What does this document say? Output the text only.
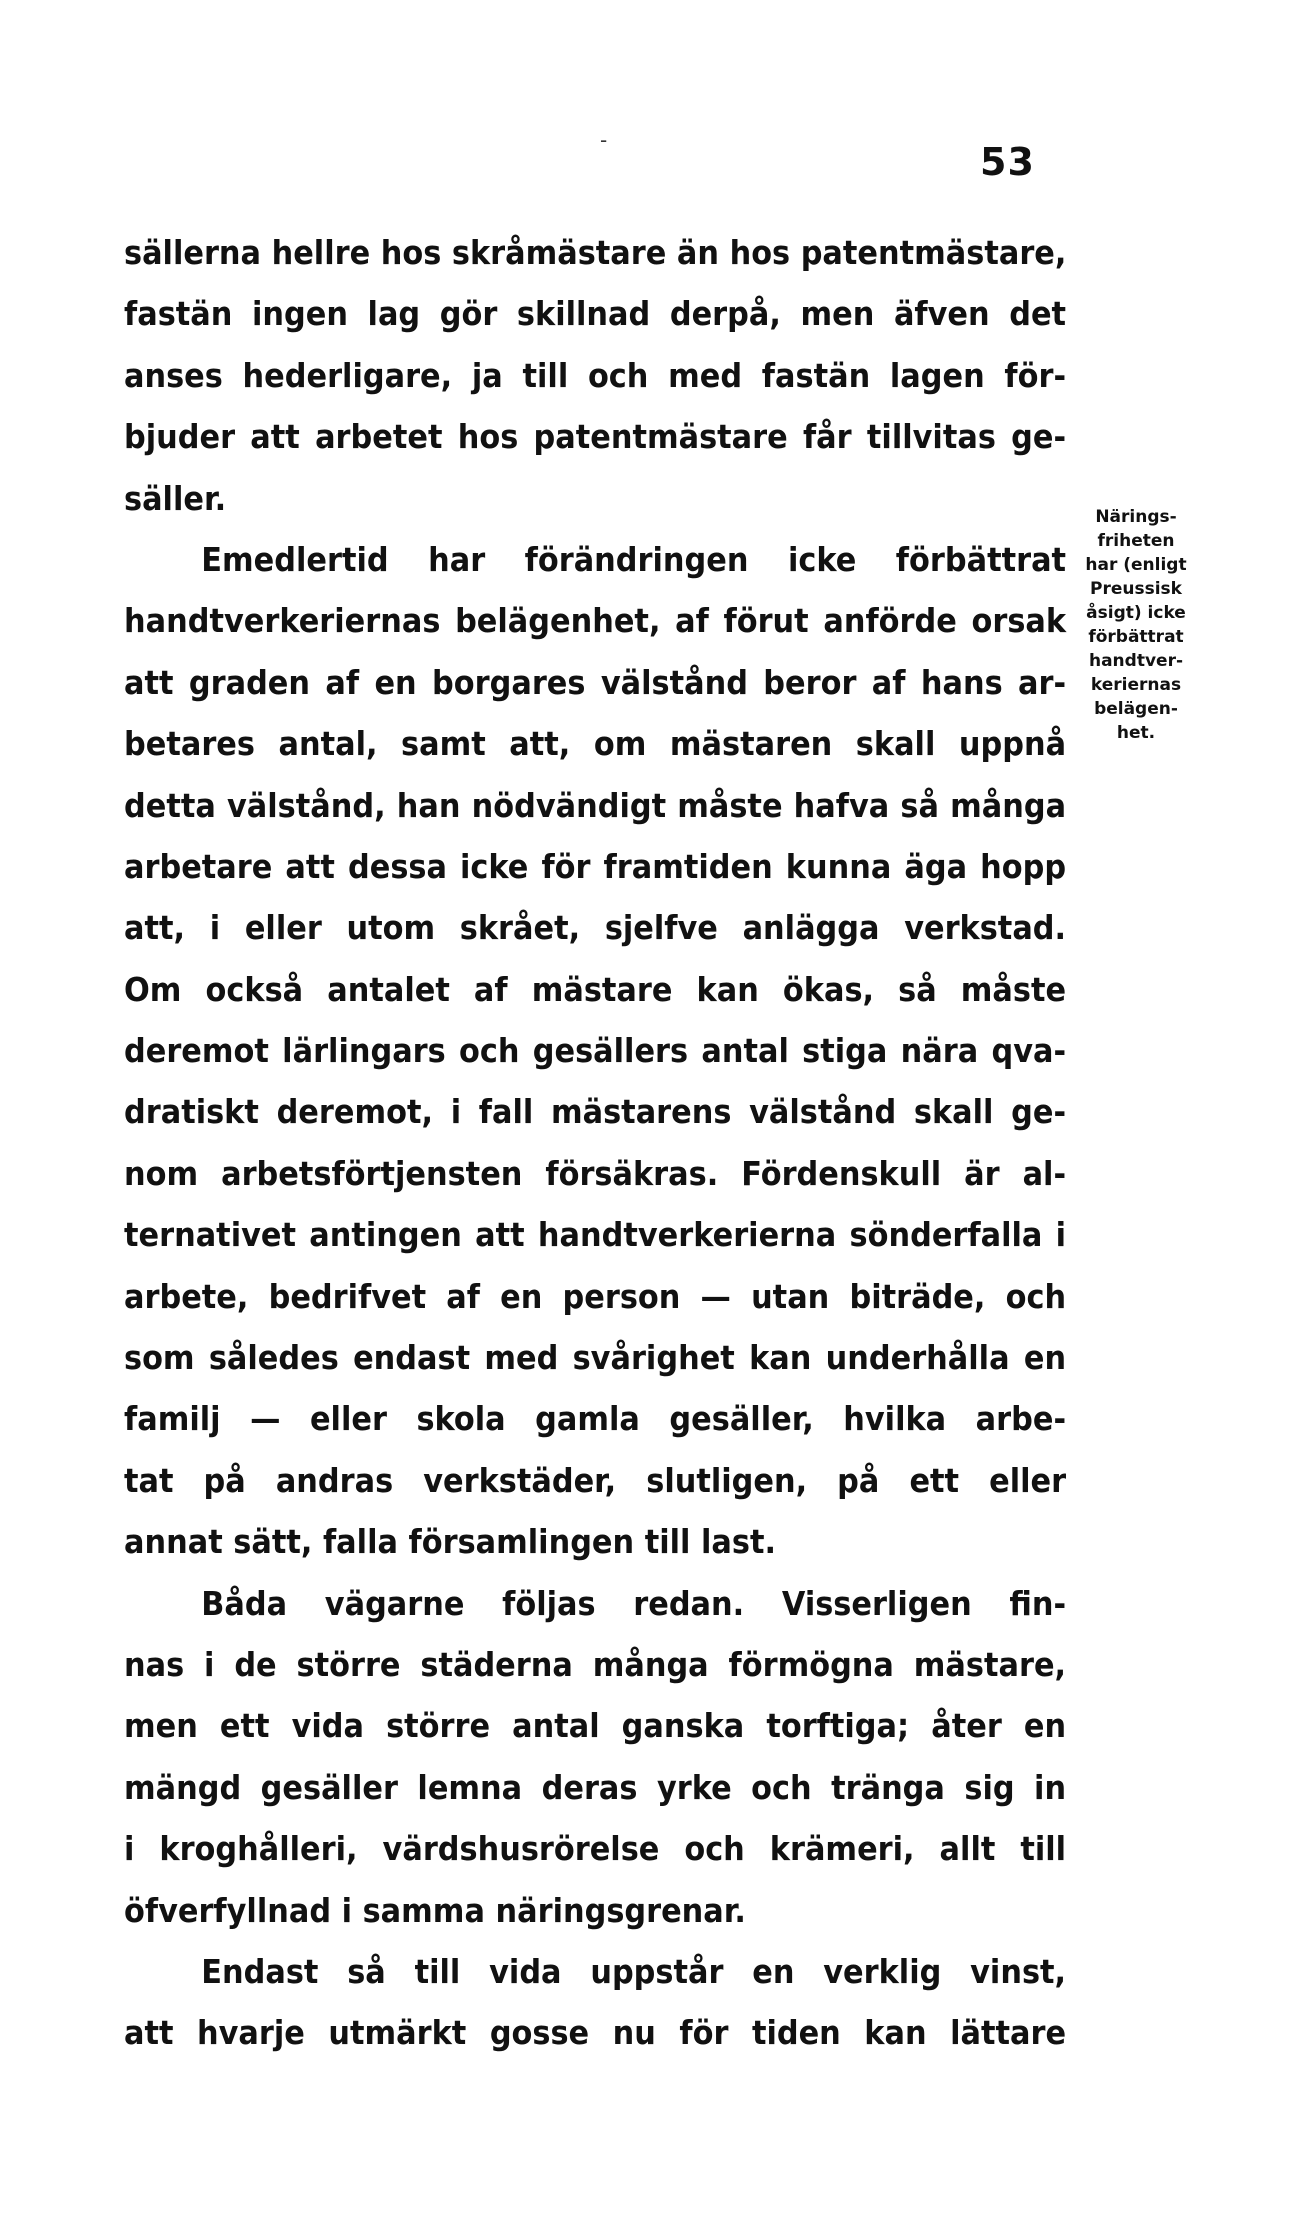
-	53
sällerna hellre hos skråmästare än hos patentmästare,
fastän ingen lag gör skillnad derpå, men äfven det
anses hederligare, ja till och med fastän lagen för-
bjuder att arbetet hos patentmästare får tillvitas ge-
säller.
Emedlertid har förändringen icke förbättrat
handtverkeriernas belägenhet, af förut anförde orsak
att graden af en borgares välstånd beror af hans ar-
betares antal, samt att, om mästaren skall uppnå
detta välstånd, han nödvändigt måste hafva så många
arbetare att dessa icke för framtiden kunna äga hopp
att, i eller utom skrået, sjelfve anlägga verkstad.
Om också antalet af mästare kan ökas, så måste
deremot lärlingars och gesällers antal stiga nära qva-
dratiskt deremot, i fall mästarens välstånd skall ge-
nom arbetsförtjensten försäkras. Fördenskull är al-
ternativet antingen att handtverkerierna sönderfalla i
arbete, bedrifvet af en person — utan biträde, och
som således endast med svårighet kan underhålla en
familj — eller skola gamla gesäller, hvilka arbe-
tat på andras verkstäder, slutligen, på ett eller
annat sätt, falla församlingen till last.
Båda vägarne följas redan. Visserligen fin-
nas i de större städerna många förmögna mästare,
men ett vida större antal ganska torftiga; åter en
mängd gesäller lemna deras yrke och tränga sig in
i kroghålleri, värdshusrörelse och krämeri, allt till
öfverfyllnad i samma näringsgrenar.
Endast så till vida uppstår en verklig vinst,
att hvarje utmärkt gosse nu för tiden kan lättare
Närings-
friheten
har (enligt
Preussisk
åsigt) icke
förbättrat
handtver-
keriernas
belägen-
het.
